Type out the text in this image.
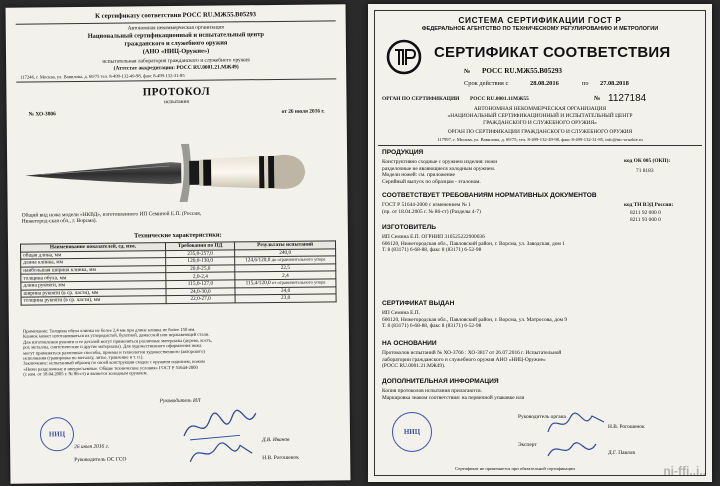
К сертификату соответствия РОСС RU.МЖ55.В05293
Автономная некоммерческая организация
Национальный сертификационный и испытательный центр
гражданского и служебного оружия
(АНО «НИЦ-Оружие»)
испытательная лаборатория гражданского и служебного оружия
(Аттестат аккредитации: РОСС RU.0001.21.МЖ49)
117246, г. Москва, ул. Вавилова, д. 69/75 тел. 8-499-132-49-98, факс 8-499-132-31-85
ПРОТОКОЛ
испытания
№ ХО-3806	от 26 июля 2016 г.
Общий вид ножа модели «НКВД», изготовленного ИП Семиной Е.П. (Россия, Нижегород-ская обл., г. Ворсма).
Технические характеристики:
Наименование показателей, ед. изм.	Требования по ПД	Результаты испытаний
общая длина, мм	235,0-257,0	240,0
длина клинка, мм	120,0-130,0	124,6/120,0 до ограничительного упора
наибольшая ширина клинка, мм	20,0-25,0	22,5
толщина обуха, мм	2,0-2,4	2,4
длина рукояти, мм	115,0-127,0	115,4/120,0 от ограничительного упора
ширина рукояти (в ср. части), мм	24,0-30,0	24,0
толщина рукояти (в ср. части), мм	22,0-27,0	23,0
Примечание: Толщина обуха клинка не более 2,4 мм при длине клинка не более 150 мм.
Клинок может изготавливаться из углеродистой, булатной, дамасской или нержавеющей стали.
Для изготовления рукояти и ее деталей могут применяться различные материалы (дерево, кость,
рог, металлы, синтетические и другие материалы). Для художественного оформления ножа
могут применяться различные способы, приемы и технологии художественного (авторского)
исполнения (гравировка по металлу, литье, травление и т. п.).
Заключение: испытанный образец по своей конструкции сходен с оружием изделием, ножом
«Ножи разделочные и шкуросъемные. Общие технические условия» ГОСТ Р 51644-2000
(с изм. от 18.04.2005 г. № 86-ст) и является холодным оружием.
Руководитель ИЛ
Д.В. Иванов
НИЦ
26 июля 2016 г.
Руководитель ОС ГСО	Н.В. Рогошенок
СИСТЕМА СЕРТИФИКАЦИИ ГОСТ Р
ФЕДЕРАЛЬНОЕ АГЕНТСТВО ПО ТЕХНИЧЕСКОМУ РЕГУЛИРОВАНИЮ И МЕТРОЛОГИИ
СЕРТИФИКАТ СООТВЕТСТВИЯ
№ РОСС RU.МЖ55.В05293
Срок действия с	28.08.2016	по 27.08.2018
ОРГАН ПО СЕРТИФИКАЦИИ РОСС RU.0001.11МЖ55	№ 1127184
АВТОНОМНАЯ НЕКОММЕРЧЕСКАЯ ОРГАНИЗАЦИЯ
«НАЦИОНАЛЬНЫЙ СЕРТИФИКАЦИОННЫЙ И ИСПЫТАТЕЛЬНЫЙ ЦЕНТР
ГРАЖДАНСКОГО И СЛУЖЕБНОГО ОРУЖИЯ»
ОРГАН ПО СЕРТИФИКАЦИИ ГРАЖДАНСКОГО И СЛУЖЕБНОГО ОРУЖИЯ
117997, г. Москва, ул. Вавилова, д. 69/75; тел. 8-499-132-49-98, факс 8-499-132-31-85, info@nic-oruzhie.ru
ПРОДУКЦИЯ
Конструктивно сходные с оружием изделия: ножи
разделочные не являющиеся холодным оружием.
Модели ножей: см. приложение
Серийный выпуск по образцам - эталонам.
код ОК 005 (ОКП):
71 8183
СООТВЕТСТВУЕТ ТРЕБОВАНИЯМ НОРМАТИВНЫХ ДОКУМЕНТОВ
ГОСТ Р 51644-2000 с изменением № 1
(пр. от 18.04.2005 г. № 86-ст) (Разделы 4-7)
код ТН ВЭД России:
8211 92 000 0
8211 93 000 0
ИЗГОТОВИТЕЛЬ
ИП Семина Е.П. ОГРНИП 310525222900036
606120, Нижегородская обл., Павловский район, г. Ворсма, ул. Заводская, дом 1
Т. 8 (83171) 6-68-88, факс 8 (83171) 6-52-98
СЕРТИФИКАТ ВЫДАН
ИП Семина Е.П.
606120, Нижегородская обл., Павловский район, г. Ворсма, ул. Матросова, дом 9
Т. 8 (83171) 6-68-88, факс 8 (83171) 6-52-98
НА ОСНОВАНИИ
Протоколов испытаний № ХО-3766 : ХО-3817 от 26.07.2016 г. Испытательной
лаборатории гражданского и служебного оружия АНО «НИЦ-Оружие»
(РОСС RU.0001.21.МЖ49).
ДОПОЛНИТЕЛЬНАЯ ИНФОРМАЦИЯ
Копия протоколов испытания прилагаются.
Маркировка знаком соответствия: на первичной упаковке или
НИЦ
Руководитель органа
Н.В. Рогошенок
Эксперт
Д.Г. Павлов
Сертификат не применяется при обязательной сертификации	ni-ffi..i..
